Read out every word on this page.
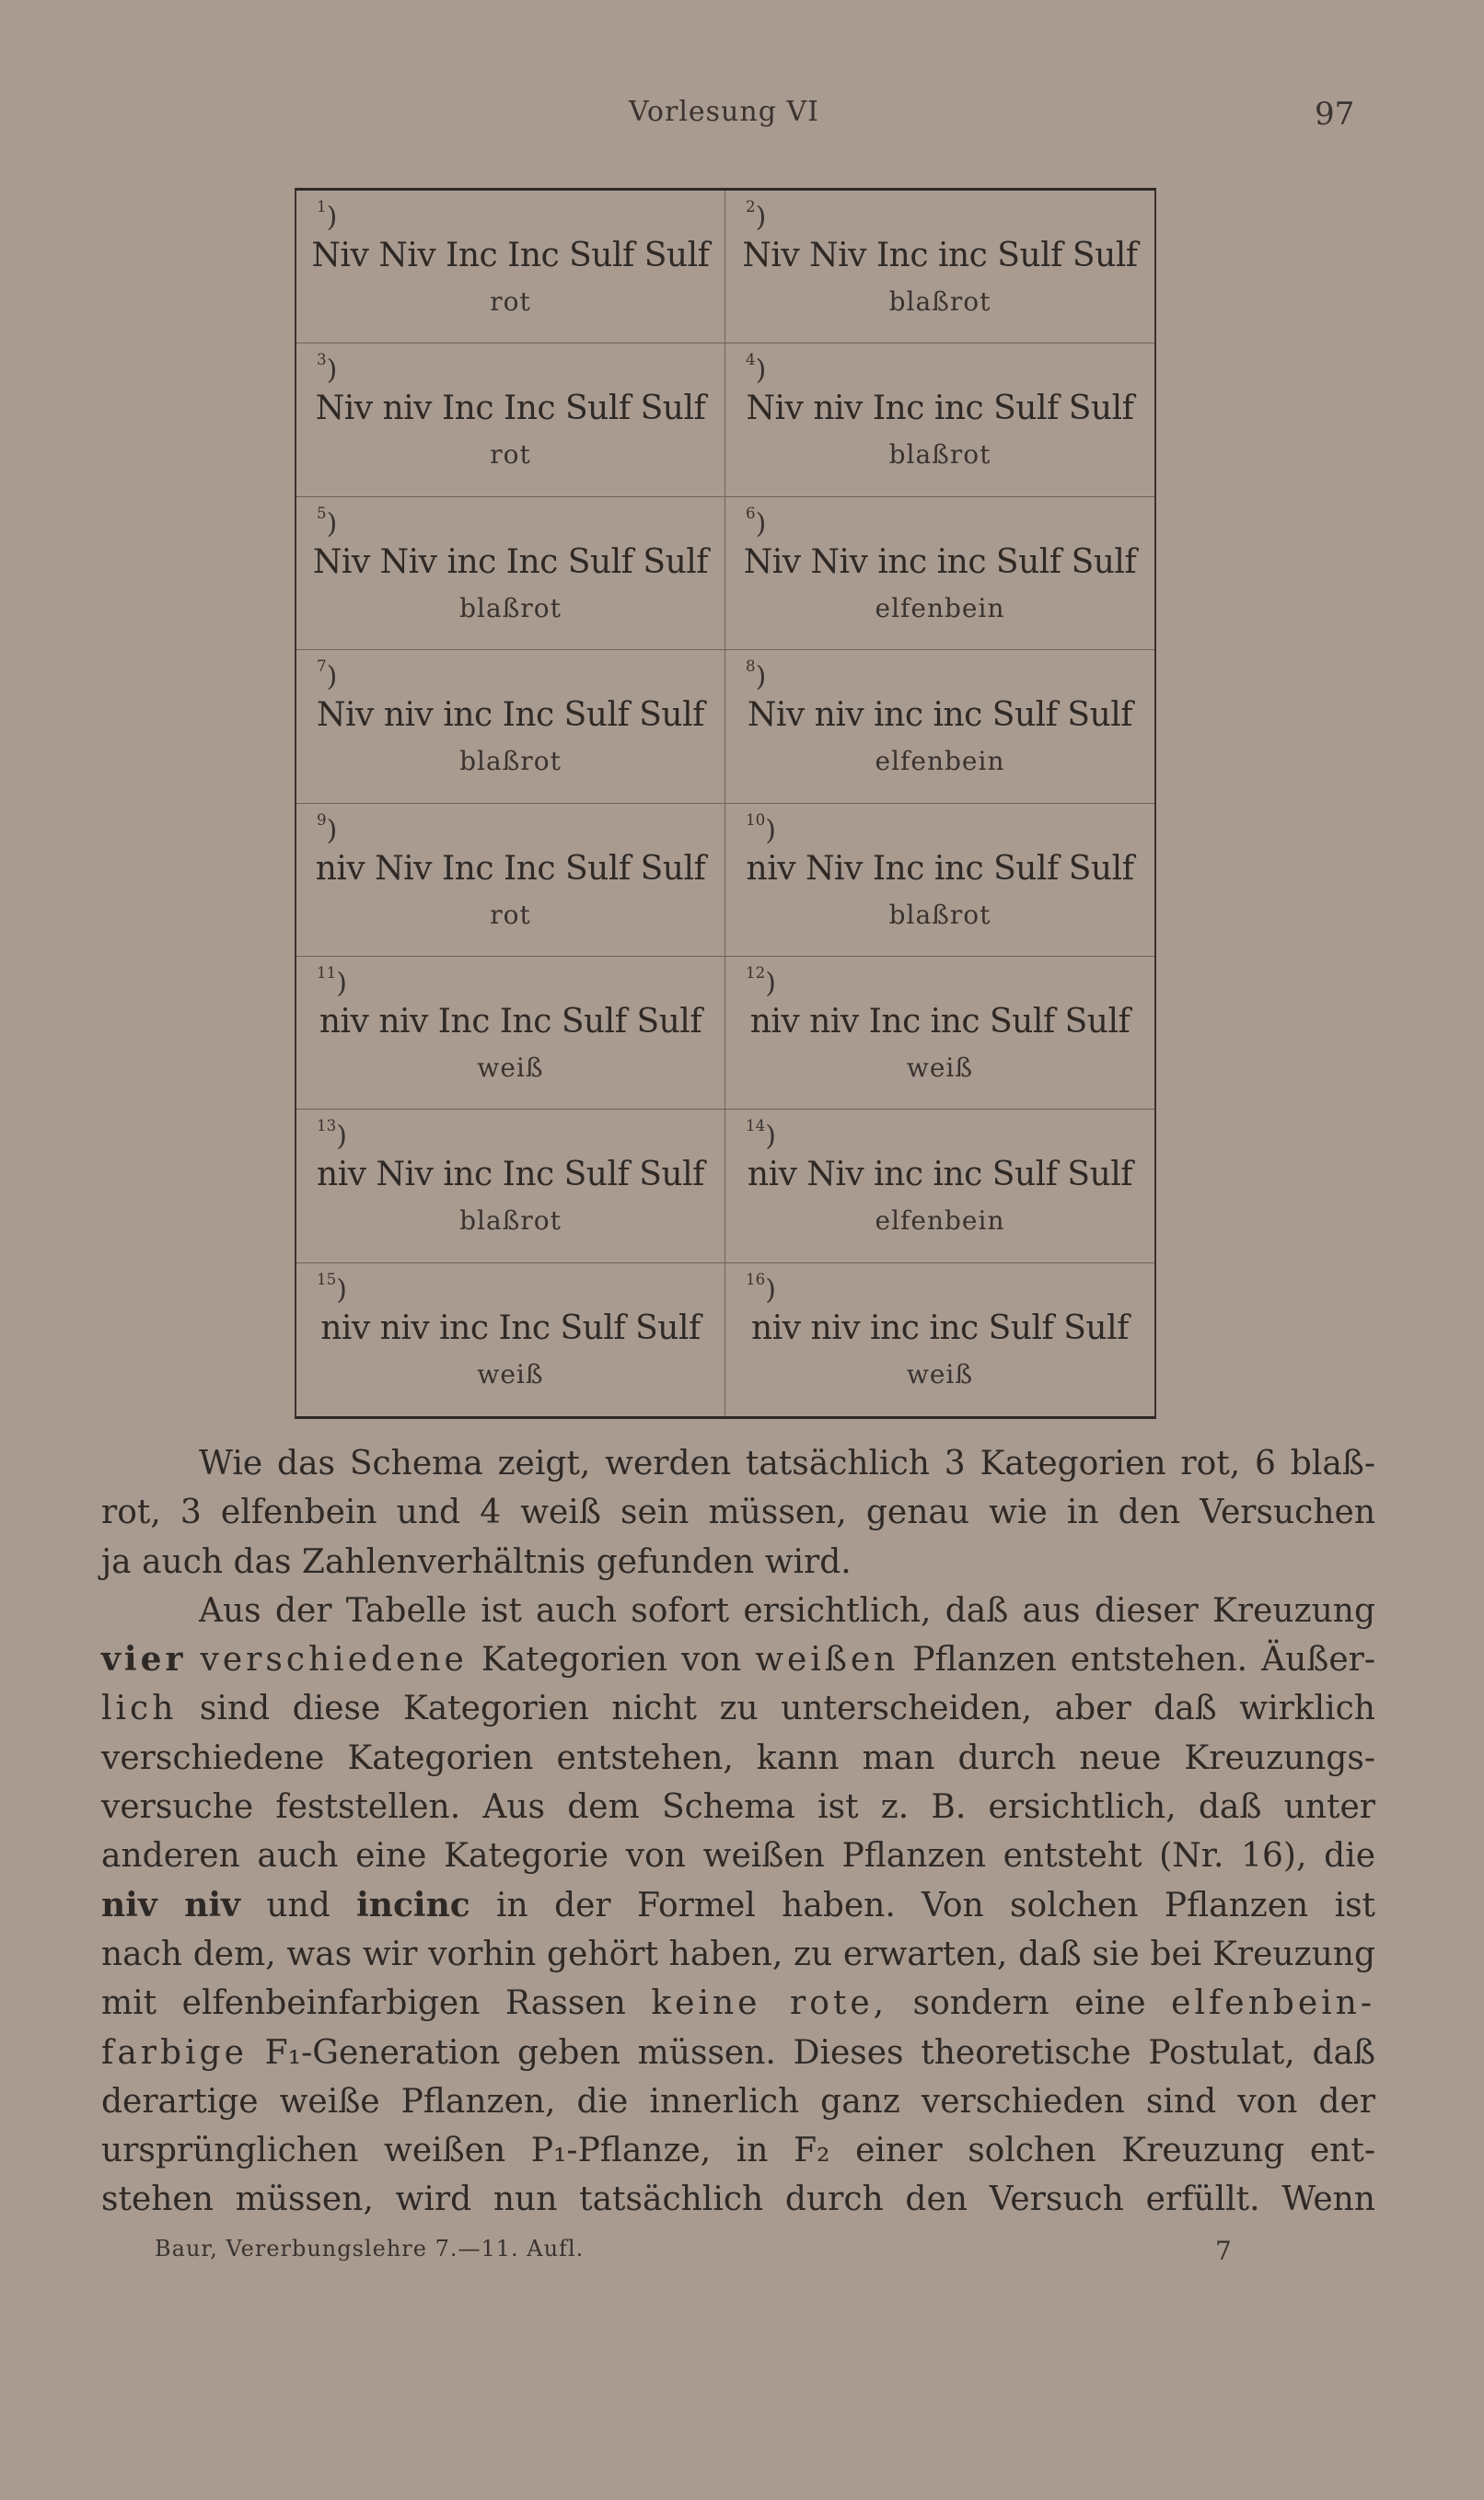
Vorlesung VI	97
$^1$)
Niv Niv Inc Inc Sulf Sulf
rot
$^2$)
Niv Niv Inc inc Sulf Sulf
blaßrot
$^3$)
Niv niv Inc Inc Sulf Sulf
rot
$^4$)
Niv niv Inc inc Sulf Sulf
blaßrot
$^5$)
Niv Niv inc Inc Sulf Sulf
blaßrot
$^6$)
Niv Niv inc inc Sulf Sulf
elfenbein
$^7$)
Niv niv inc Inc Sulf Sulf
blaßrot
$^8$)
Niv niv inc inc Sulf Sulf
elfenbein
$^9$)
niv Niv Inc Inc Sulf Sulf
rot
$^{10}$)
niv Niv Inc inc Sulf Sulf
blaßrot
$^{11}$)
niv niv Inc Inc Sulf Sulf
weiß
$^{12}$)
niv niv Inc inc Sulf Sulf
weiß
$^{13}$)
niv Niv inc Inc Sulf Sulf
blaßrot
$^{14}$)
niv Niv inc inc Sulf Sulf
elfenbein
$^{15}$)
niv niv inc Inc Sulf Sulf
weiß
$^{16}$)
niv niv inc inc Sulf Sulf
weiß

Wie das Schema zeigt, werden tatsächlich 3 Kategorien rot, 6 blaß-

rot, 3 elfenbein und 4 weiß sein müssen, genau wie in den Versuchen

ja auch das Zahlenverhältnis gefunden wird.

Aus der Tabelle ist auch sofort ersichtlich, daß aus dieser Kreuzung

vier verschiedene Kategorien von weißen Pflanzen entstehen. Äußer-

lich sind diese Kategorien nicht zu unterscheiden, aber daß wirklich

verschiedene Kategorien entstehen, kann man durch neue Kreuzungs-

versuche feststellen. Aus dem Schema ist z. B. ersichtlich, daß unter

anderen auch eine Kategorie von weißen Pflanzen entsteht (Nr. 16), die

niv niv und incinc in der Formel haben. Von solchen Pflanzen ist

nach dem, was wir vorhin gehört haben, zu erwarten, daß sie bei Kreuzung

mit elfenbeinfarbigen Rassen keine rote, sondern eine elfenbein-

farbige F₁-Generation geben müssen. Dieses theoretische Postulat, daß

derartige weiße Pflanzen, die innerlich ganz verschieden sind von der

ursprünglichen weißen P₁-Pflanze, in F₂ einer solchen Kreuzung ent-

stehen müssen, wird nun tatsächlich durch den Versuch erfüllt. Wenn

Baur, Vererbungslehre 7.—11. Aufl.	7
